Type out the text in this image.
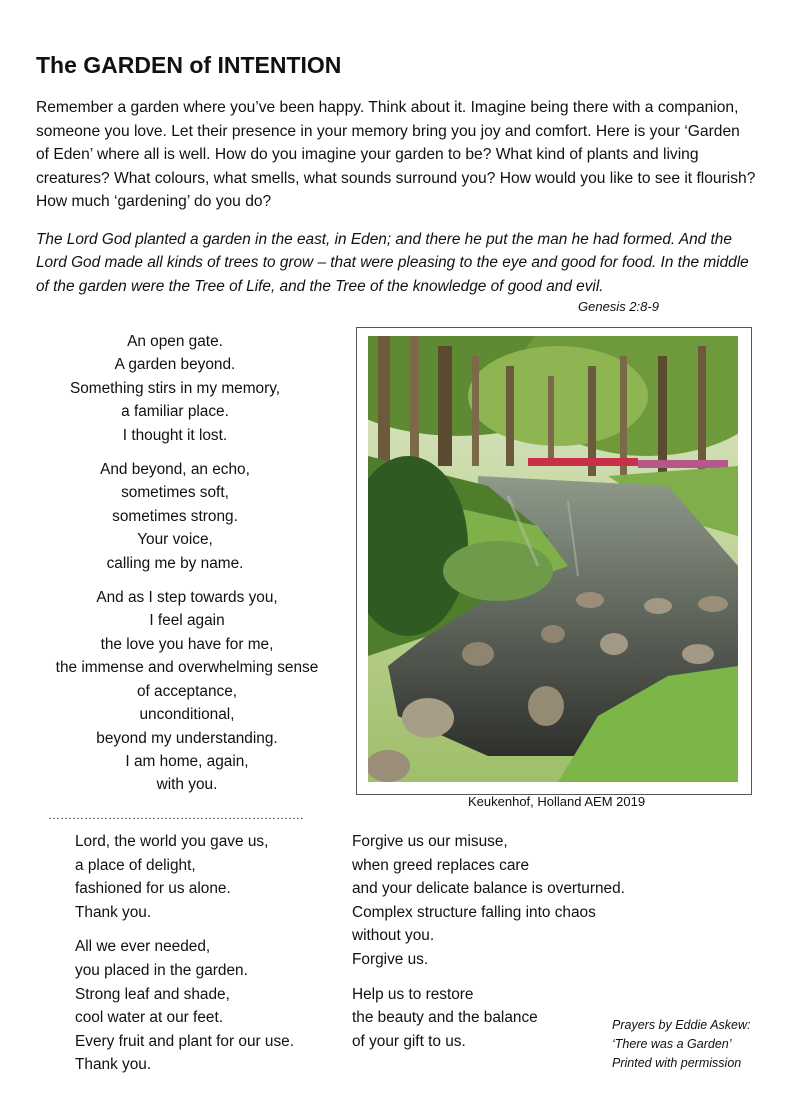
The GARDEN of INTENTION
Remember a garden where you’ve been happy. Think about it. Imagine being there with a companion, someone you love. Let their presence in your memory bring you joy and comfort. Here is your ‘Garden of Eden’ where all is well. How do you imagine your garden to be? What kind of plants and living creatures? What colours, what smells, what sounds surround you? How would you like to see it flourish? How much ‘gardening’ do you do?
The Lord God planted a garden in the east, in Eden; and there he put the man he had formed. And the Lord God made all kinds of trees to grow – that were pleasing to the eye and good for food. In the middle of the garden were the Tree of Life, and the Tree of the knowledge of good and evil.
Genesis 2:8-9

An open gate.
A garden beyond.
Something stirs in my memory,
a familiar place.
I thought it lost.

And beyond, an echo,
sometimes soft,
sometimes strong.
Your voice,
calling me by name.

And as I step towards you,
I feel again
the love you have for me,
the immense and overwhelming sense
of acceptance,
unconditional,
beyond my understanding.
I am home, again,
with you.

Keukenhof, Holland AEM 2019
……………………………………………………….

Lord, the world you gave us,
a place of delight,
fashioned for us alone.
Thank you.

All we ever needed,
you placed in the garden.
Strong leaf and shade,
cool water at our feet.
Every fruit and plant for our use.
Thank you.

Forgive us our misuse,
when greed replaces care
and your delicate balance is overturned.
Complex structure falling into chaos
without you.
Forgive us.

Help us to restore
the beauty and the balance
of your gift to us.

Prayers by Eddie Askew:
‘There was a Garden’
Printed with permission
